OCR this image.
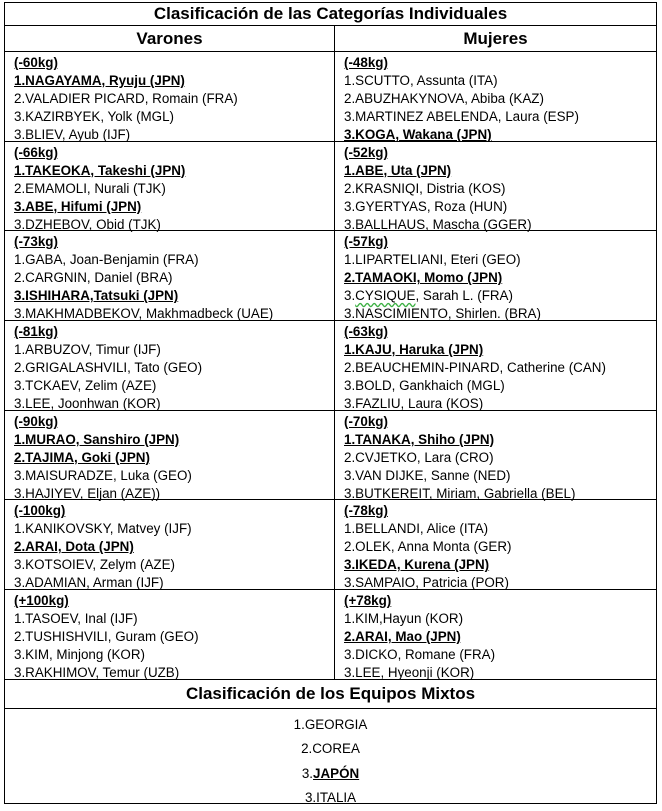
Clasificación de las Categorías Individuales
Varones	Mujeres
(-60kg)
1.NAGAYAMA, Ryuju (JPN)
2.VALADIER PICARD, Romain (FRA)
3.KAZIRBYEK, Yolk (MGL)
3.BLIEV, Ayub (IJF)
(-48kg)
1.SCUTTO, Assunta (ITA)
2.ABUZHAKYNOVA, Abiba (KAZ)
3.MARTINEZ ABELENDA, Laura (ESP)
3.KOGA, Wakana (JPN)
(-66kg)
1.TAKEOKA, Takeshi (JPN)
2.EMAMOLI, Nurali (TJK)
3.ABE, Hifumi (JPN)
3.DZHEBOV, Obid (TJK)
(-52kg)
1.ABE, Uta (JPN)
2.KRASNIQI, Distria (KOS)
3.GYERTYAS, Roza (HUN)
3.BALLHAUS, Mascha (GGER)
(-73kg)
1.GABA, Joan-Benjamin (FRA)
2.CARGNIN, Daniel (BRA)
3.ISHIHARA,Tatsuki (JPN)
3.MAKHMADBEKOV, Makhmadbeck (UAE)
(-57kg)
1.LIPARTELIANI, Eteri (GEO)
2.TAMAOKI, Momo (JPN)
3.CYSIQUE, Sarah L. (FRA)
3.NASCIMIENTO, Shirlen. (BRA)
(-81kg)
1.ARBUZOV, Timur (IJF)
2.GRIGALASHVILI, Tato (GEO)
3.TCKAEV, Zelim (AZE)
3.LEE, Joonhwan (KOR)
(-63kg)
1.KAJU, Haruka (JPN)
2.BEAUCHEMIN-PINARD, Catherine (CAN)
3.BOLD, Gankhaich (MGL)
3.FAZLIU, Laura (KOS)
(-90kg)
1.MURAO, Sanshiro (JPN)
2.TAJIMA, Goki (JPN)
3.MAISURADZE, Luka (GEO)
3.HAJIYEV, Eljan (AZE))
(-70kg)
1.TANAKA, Shiho (JPN)
2.CVJETKO, Lara (CRO)
3.VAN DIJKE, Sanne (NED)
3.BUTKEREIT, Miriam, Gabriella (BEL)
(-100kg)
1.KANIKOVSKY, Matvey (IJF)
2.ARAI, Dota (JPN)
3.KOTSOIEV, Zelym (AZE)
3.ADAMIAN, Arman (IJF)
(-78kg)
1.BELLANDI, Alice (ITA)
2.OLEK, Anna Monta (GER)
3.IKEDA, Kurena (JPN)
3.SAMPAIO, Patricia (POR)
(+100kg)
1.TASOEV, Inal (IJF)
2.TUSHISHVILI, Guram (GEO)
3.KIM, Minjong (KOR)
3.RAKHIMOV, Temur (UZB)
(+78kg)
1.KIM,Hayun (KOR)
2.ARAI, Mao (JPN)
3.DICKO, Romane (FRA)
3.LEE, Hyeonji (KOR)
Clasificación de los Equipos Mixtos
1.GEORGIA
2.COREA
3.JAPÓN
3.ITALIA
